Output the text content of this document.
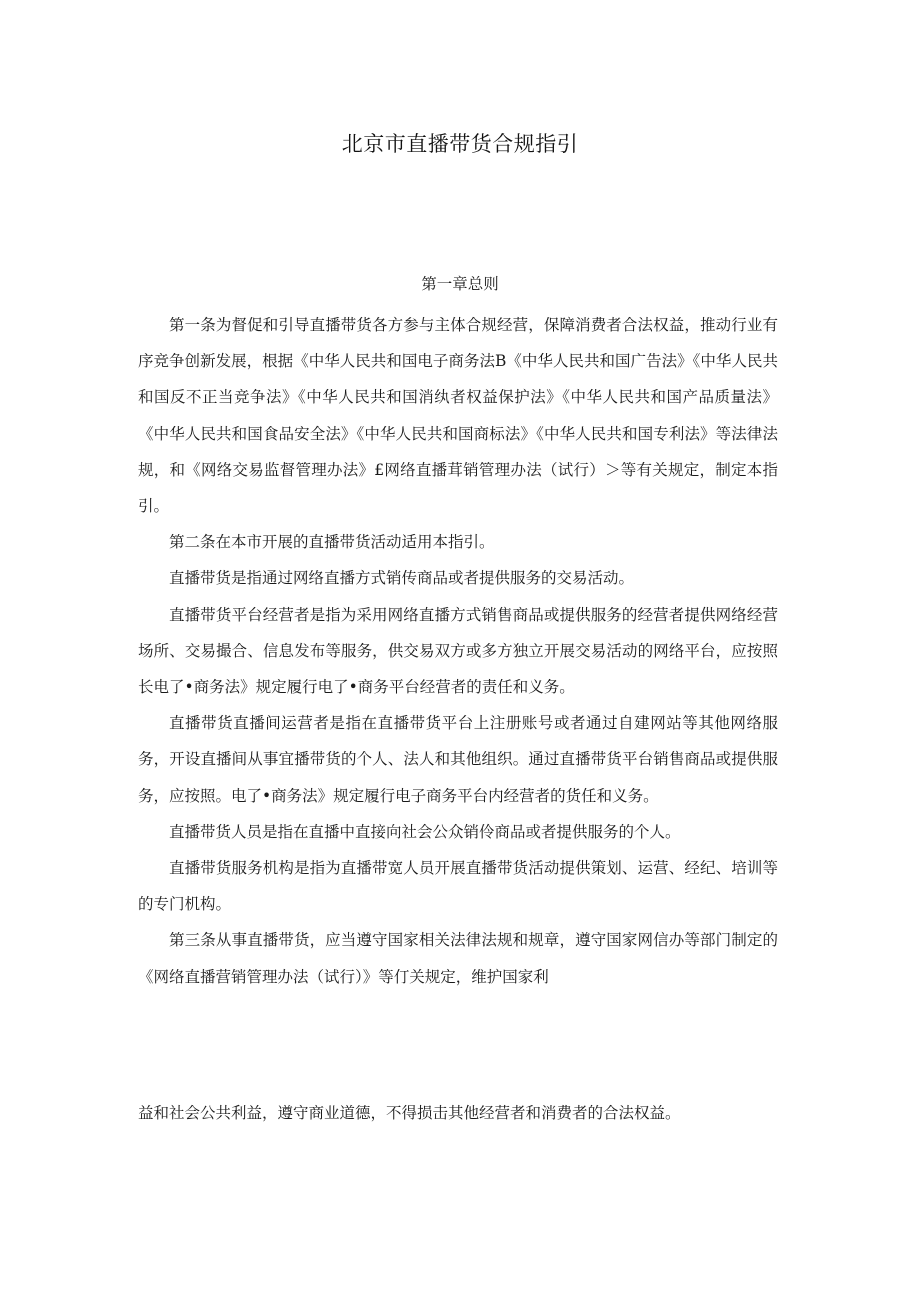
北京市直播带货合规指引
第一章总则

第一条为督促和引导直播带货各方参与主体合规经营，保障消费者合法权益，推动行业有序竞争创新发展，根据《中华人民共和国电子商务法B《中华人民共和国广告法》《中华人民共和国反不正当竞争法》《中华人民共和国消纨者权益保护法》《中华人民共和国产品质量法》《中华人民共和国食品安全法》《中华人民共和国商标法》《中华人民共和国专利法》等法律法规，和《网络交易监督管理办法》£网络直播茸销管理办法（试行）＞等有关规定，制定本指引。

第二条在本市开展的直播带货活动适用本指引。

直播带货是指通过网络直播方式销传商品或者提供服务的交易活动。

直播带货平台经营者是指为采用网络直播方式销售商品或提供服务的经营者提供网络经营场所、交易撮合、信息发布等服务，供交易双方或多方独立开展交易活动的网络平台，应按照长电了•商务法》规定履行电了•商务平台经营者的责任和义务。

直播带货直播间运营者是指在直播带货平台上注册账号或者通过自建网站等其他网络服务，开设直播间从事宜播带货的个人、法人和其他组织。通过直播带货平台销售商品或提供服务，应按照。电了•商务法》规定履行电子商务平台内经营者的货任和义务。

直播带货人员是指在直播中直接向社会公众销伶商品或者提供服务的个人。

直播带货服务机构是指为直播带宽人员开展直播带货活动提供策划、运营、经纪、培训等的专门机构。

第三条从事直播带货，应当遵守国家相关法律法规和规章，遵守国家网信办等部门制定的《网络直播营销管理办法（试行）》等仃关规定，维护国家利

益和社会公共利益，遵守商业道德，不得损击其他经营者和消费者的合法权益。
